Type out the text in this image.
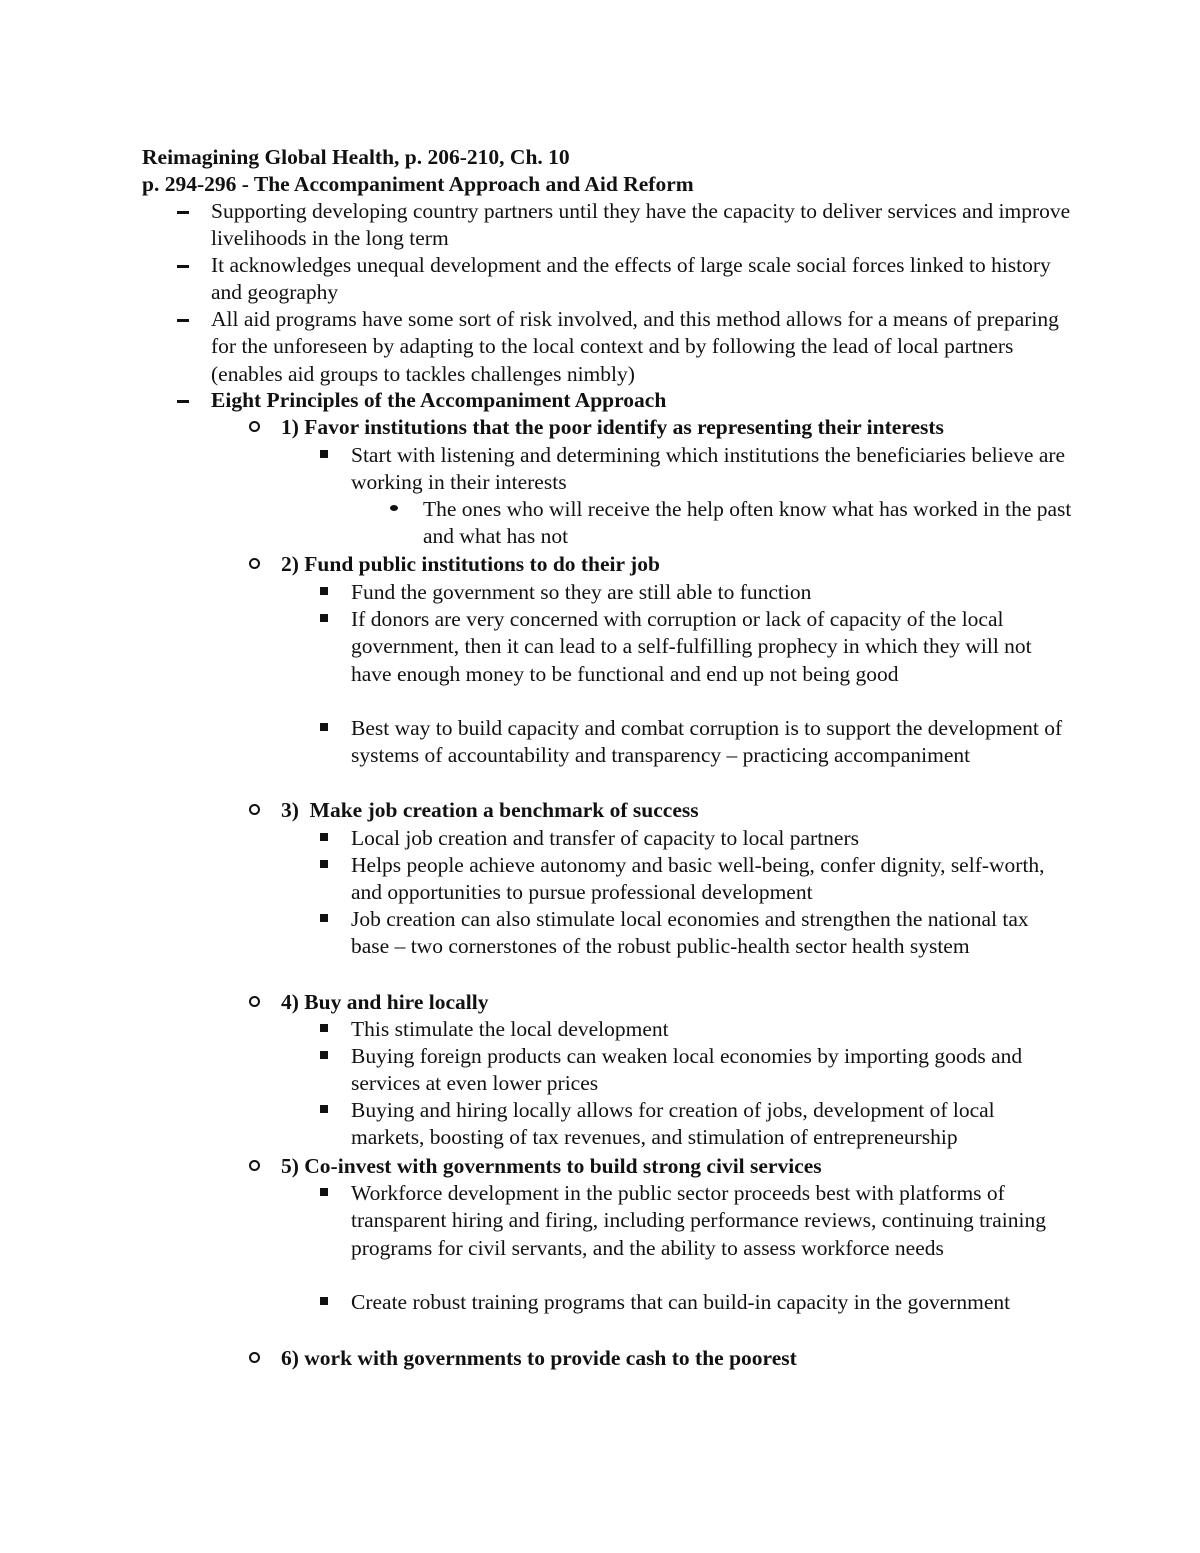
Reimagining Global Health, p. 206-210, Ch. 10
p. 294-296 - The Accompaniment Approach and Aid Reform
Supporting developing country partners until they have the capacity to deliver services and improve livelihoods in the long term
It acknowledges unequal development and the effects of large scale social forces linked to history and geography
All aid programs have some sort of risk involved, and this method allows for a means of preparing for the unforeseen by adapting to the local context and by following the lead of local partners (enables aid groups to tackles challenges nimbly)
Eight Principles of the Accompaniment Approach
1) Favor institutions that the poor identify as representing their interests
Start with listening and determining which institutions the beneficiaries believe are working in their interests
The ones who will receive the help often know what has worked in the past and what has not
2) Fund public institutions to do their job
Fund the government so they are still able to function
If donors are very concerned with corruption or lack of capacity of the local government, then it can lead to a self-fulfilling prophecy in which they will not have enough money to be functional and end up not being good
Best way to build capacity and combat corruption is to support the development of systems of accountability and transparency – practicing accompaniment
3)  Make job creation a benchmark of success
Local job creation and transfer of capacity to local partners
Helps people achieve autonomy and basic well-being, confer dignity, self-worth, and opportunities to pursue professional development
Job creation can also stimulate local economies and strengthen the national tax base – two cornerstones of the robust public-health sector health system
4) Buy and hire locally
This stimulate the local development
Buying foreign products can weaken local economies by importing goods and services at even lower prices
Buying and hiring locally allows for creation of jobs, development of local markets, boosting of tax revenues, and stimulation of entrepreneurship
5) Co-invest with governments to build strong civil services
Workforce development in the public sector proceeds best with platforms of transparent hiring and firing, including performance reviews, continuing training programs for civil servants, and the ability to assess workforce needs
Create robust training programs that can build-in capacity in the government
6) work with governments to provide cash to the poorest
